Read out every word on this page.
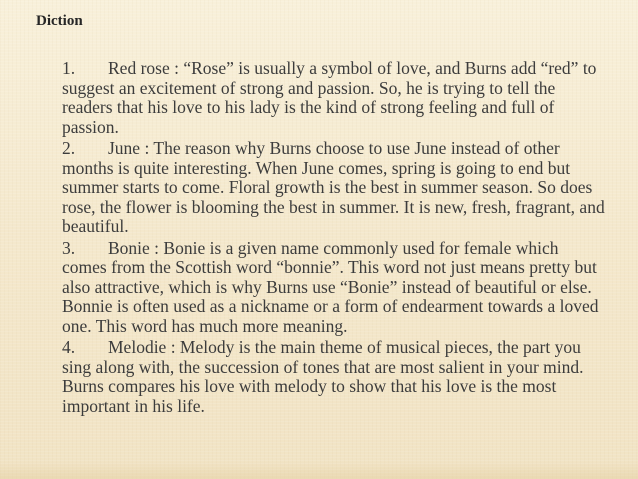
Diction

1. Red rose : “Rose” is usually a symbol of love, and Burns add “red” to suggest an excitement of strong and passion. So, he is trying to tell the readers that his love to his lady is the kind of strong feeling and full of passion.

2. June : The reason why Burns choose to use June instead of other months is quite interesting. When June comes, spring is going to end but summer starts to come. Floral growth is the best in summer season. So does rose, the flower is blooming the best in summer. It is new, fresh, fragrant, and beautiful.

3. Bonie : Bonie is a given name commonly used for female which comes from the Scottish word “bonnie”. This word not just means pretty but also attractive, which is why Burns use “Bonie” instead of beautiful or else. Bonnie is often used as a nickname or a form of endearment towards a loved one. This word has much more meaning.

4. Melodie : Melody is the main theme of musical pieces, the part you sing along with, the succession of tones that are most salient in your mind. Burns compares his love with melody to show that his love is the most important in his life.
